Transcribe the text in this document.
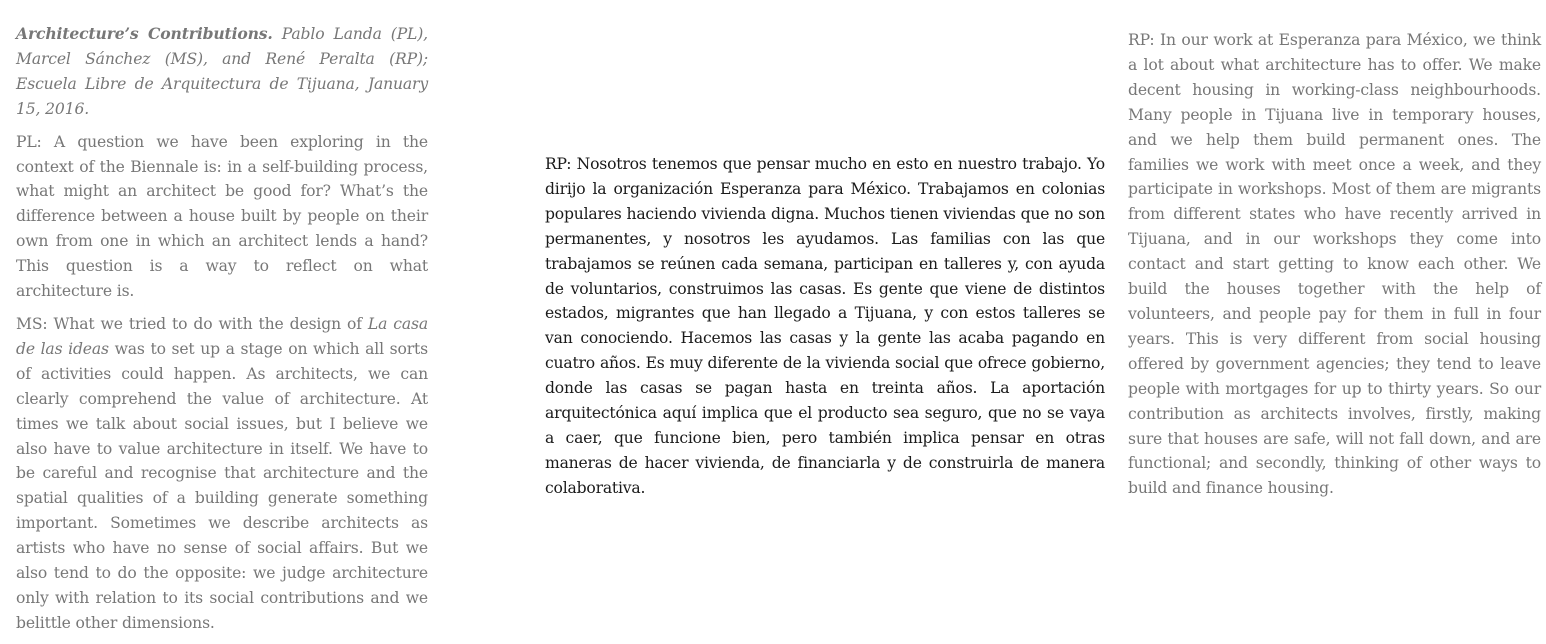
Architecture’s Contributions. Pablo Landa (PL), Marcel Sánchez (MS), and René Peralta (RP); Escuela Libre de Arquitectura de Tijuana, January 15, 2016.

PL: A question we have been exploring in the context of the Biennale is: in a self-building process, what might an architect be good for? What’s the difference between a house built by people on their own from one in which an architect lends a hand? This question is a way to reflect on what architecture is.

MS: What we tried to do with the design of La casa de las ideas was to set up a stage on which all sorts of activities could happen. As architects, we can clearly comprehend the value of architecture. At times we talk about social issues, but I believe we also have to value architecture in itself. We have to be careful and recognise that architecture and the spatial qualities of a building generate something important. Sometimes we describe architects as artists who have no sense of social affairs. But we also tend to do the opposite: we judge architecture only with relation to its social contributions and we belittle other dimensions.

RP: Nosotros tenemos que pensar mucho en esto en nuestro trabajo. Yo dirijo la organización Esperanza para México. Trabajamos en colonias populares haciendo vivienda digna. Muchos tienen viviendas que no son permanentes, y nosotros les ayudamos. Las familias con las que trabajamos se reúnen cada semana, participan en talleres y, con ayuda de voluntarios, construimos las casas. Es gente que viene de distintos estados, migrantes que han llegado a Tijuana, y con estos talleres se van conociendo. Hacemos las casas y la gente las acaba pagando en cuatro años. Es muy diferente de la vivienda social que ofrece gobierno, donde las casas se pagan hasta en treinta años. La aportación arquitectónica aquí implica que el producto sea seguro, que no se vaya a caer, que funcione bien, pero también implica pensar en otras maneras de hacer vivienda, de financiarla y de construirla de manera colaborativa.

RP: In our work at Esperanza para México, we think a lot about what architecture has to offer. We make decent housing in working-class neighbourhoods. Many people in Tijuana live in temporary houses, and we help them build permanent ones. The families we work with meet once a week, and they participate in workshops. Most of them are migrants from different states who have recently arrived in Tijuana, and in our workshops they come into contact and start getting to know each other. We build the houses together with the help of volunteers, and people pay for them in full in four years. This is very different from social housing offered by government agencies; they tend to leave people with mortgages for up to thirty years. So our contribution as architects involves, firstly, making sure that houses are safe, will not fall down, and are functional; and secondly, thinking of other ways to build and finance housing.
